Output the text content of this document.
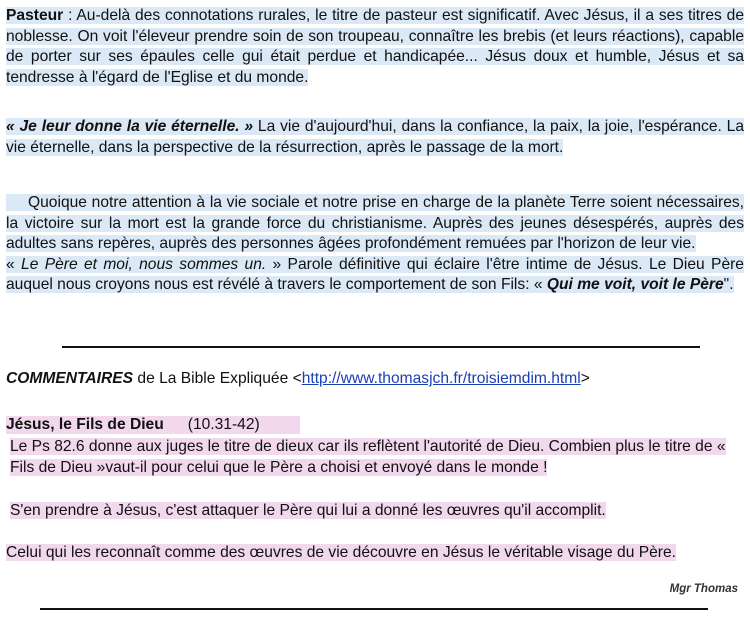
Pasteur : Au-delà des connotations rurales, le titre de pasteur est significatif. Avec Jésus, il a ses titres de noblesse. On voit l'éleveur prendre soin de son troupeau, connaître les brebis (et leurs réactions), capable de porter sur ses épaules celle gui était perdue et handicapée... Jésus doux et humble, Jésus et sa tendresse à l'égard de l'Eglise et du monde.
« Je leur donne la vie éternelle. » La vie d'aujourd'hui, dans la confiance, la paix, la joie, l'espérance. La vie éternelle, dans la perspective de la résurrection, après le passage de la mort.
Quoique notre attention à la vie sociale et notre prise en charge de la planète Terre soient nécessaires, la victoire sur la mort est la grande force du christianisme. Auprès des jeunes désespérés, auprès des adultes sans repères, auprès des personnes âgées profondément remuées par l'horizon de leur vie.
« Le Père et moi, nous sommes un. » Parole définitive qui éclaire l'être intime de Jésus. Le Dieu Père auquel nous croyons nous est révélé à travers le comportement de son Fils: « Qui me voit, voit le Père".
COMMENTAIRES de La Bible Expliquée <http://www.thomasjch.fr/troisiemdim.html>
Jésus, le Fils de Dieu (10.31-42)
Le Ps 82.6 donne aux juges le titre de dieux car ils reflètent l'autorité de Dieu. Combien plus le titre de « Fils de Dieu »vaut-il pour celui que le Père a choisi et envoyé dans le monde !
S'en prendre à Jésus, c'est attaquer le Père qui lui a donné les œuvres qu'il accomplit.
Celui qui les reconnaît comme des œuvres de vie découvre en Jésus le véritable visage du Père.
Mgr Thomas
